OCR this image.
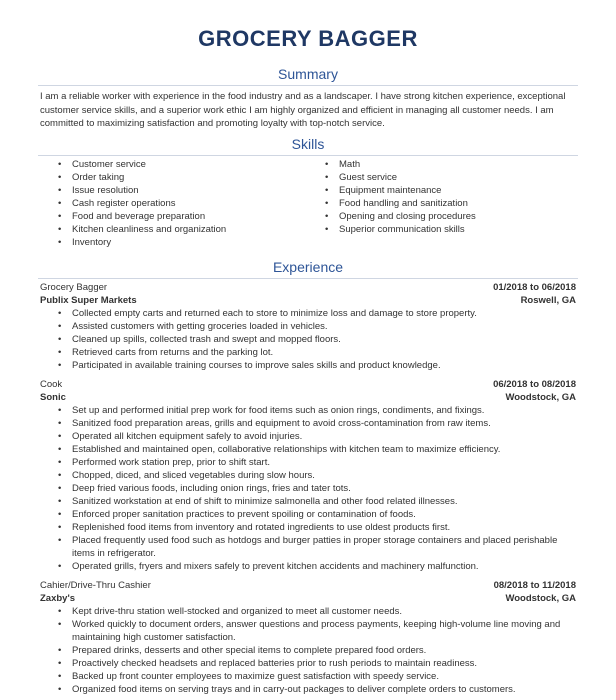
GROCERY BAGGER
Summary
I am a reliable worker with experience in the food industry and as a landscaper. I have strong kitchen experience, exceptional customer service skills, and a superior work ethic I am highly organized and efficient in managing all customer needs. I am committed to maximizing satisfaction and promoting loyalty with top-notch service.
Skills
• Customer service
• Order taking
• Issue resolution
• Cash register operations
• Food and beverage preparation
• Kitchen cleanliness and organization
• Inventory
• Math
• Guest service
• Equipment maintenance
• Food handling and sanitization
• Opening and closing procedures
• Superior communication skills
Experience
Grocery Bagger	01/2018 to 06/2018
Publix Super Markets	Roswell, GA
• Collected empty carts and returned each to store to minimize loss and damage to store property.
• Assisted customers with getting groceries loaded in vehicles.
• Cleaned up spills, collected trash and swept and mopped floors.
• Retrieved carts from returns and the parking lot.
• Participated in available training courses to improve sales skills and product knowledge.
Cook	06/2018 to 08/2018
Sonic	Woodstock, GA
• Set up and performed initial prep work for food items such as onion rings, condiments, and fixings.
• Sanitized food preparation areas, grills and equipment to avoid cross-contamination from raw items.
• Operated all kitchen equipment safely to avoid injuries.
• Established and maintained open, collaborative relationships with kitchen team to maximize efficiency.
• Performed work station prep, prior to shift start.
• Chopped, diced, and sliced vegetables during slow hours.
• Deep fried various foods, including onion rings, fries and tater tots.
• Sanitized workstation at end of shift to minimize salmonella and other food related illnesses.
• Enforced proper sanitation practices to prevent spoiling or contamination of foods.
• Replenished food items from inventory and rotated ingredients to use oldest products first.
• Placed frequently used food such as hotdogs and burger patties in proper storage containers and placed perishable items in refrigerator.
• Operated grills, fryers and mixers safely to prevent kitchen accidents and machinery malfunction.
Cahier/Drive-Thru Cashier	08/2018 to 11/2018
Zaxby's	Woodstock, GA
• Kept drive-thru station well-stocked and organized to meet all customer needs.
• Worked quickly to document orders, answer questions and process payments, keeping high-volume line moving and maintaining high customer satisfaction.
• Prepared drinks, desserts and other special items to complete prepared food orders.
• Proactively checked headsets and replaced batteries prior to rush periods to maintain readiness.
• Backed up front counter employees to maximize guest satisfaction with speedy service.
• Organized food items on serving trays and in carry-out packages to deliver complete orders to customers.
